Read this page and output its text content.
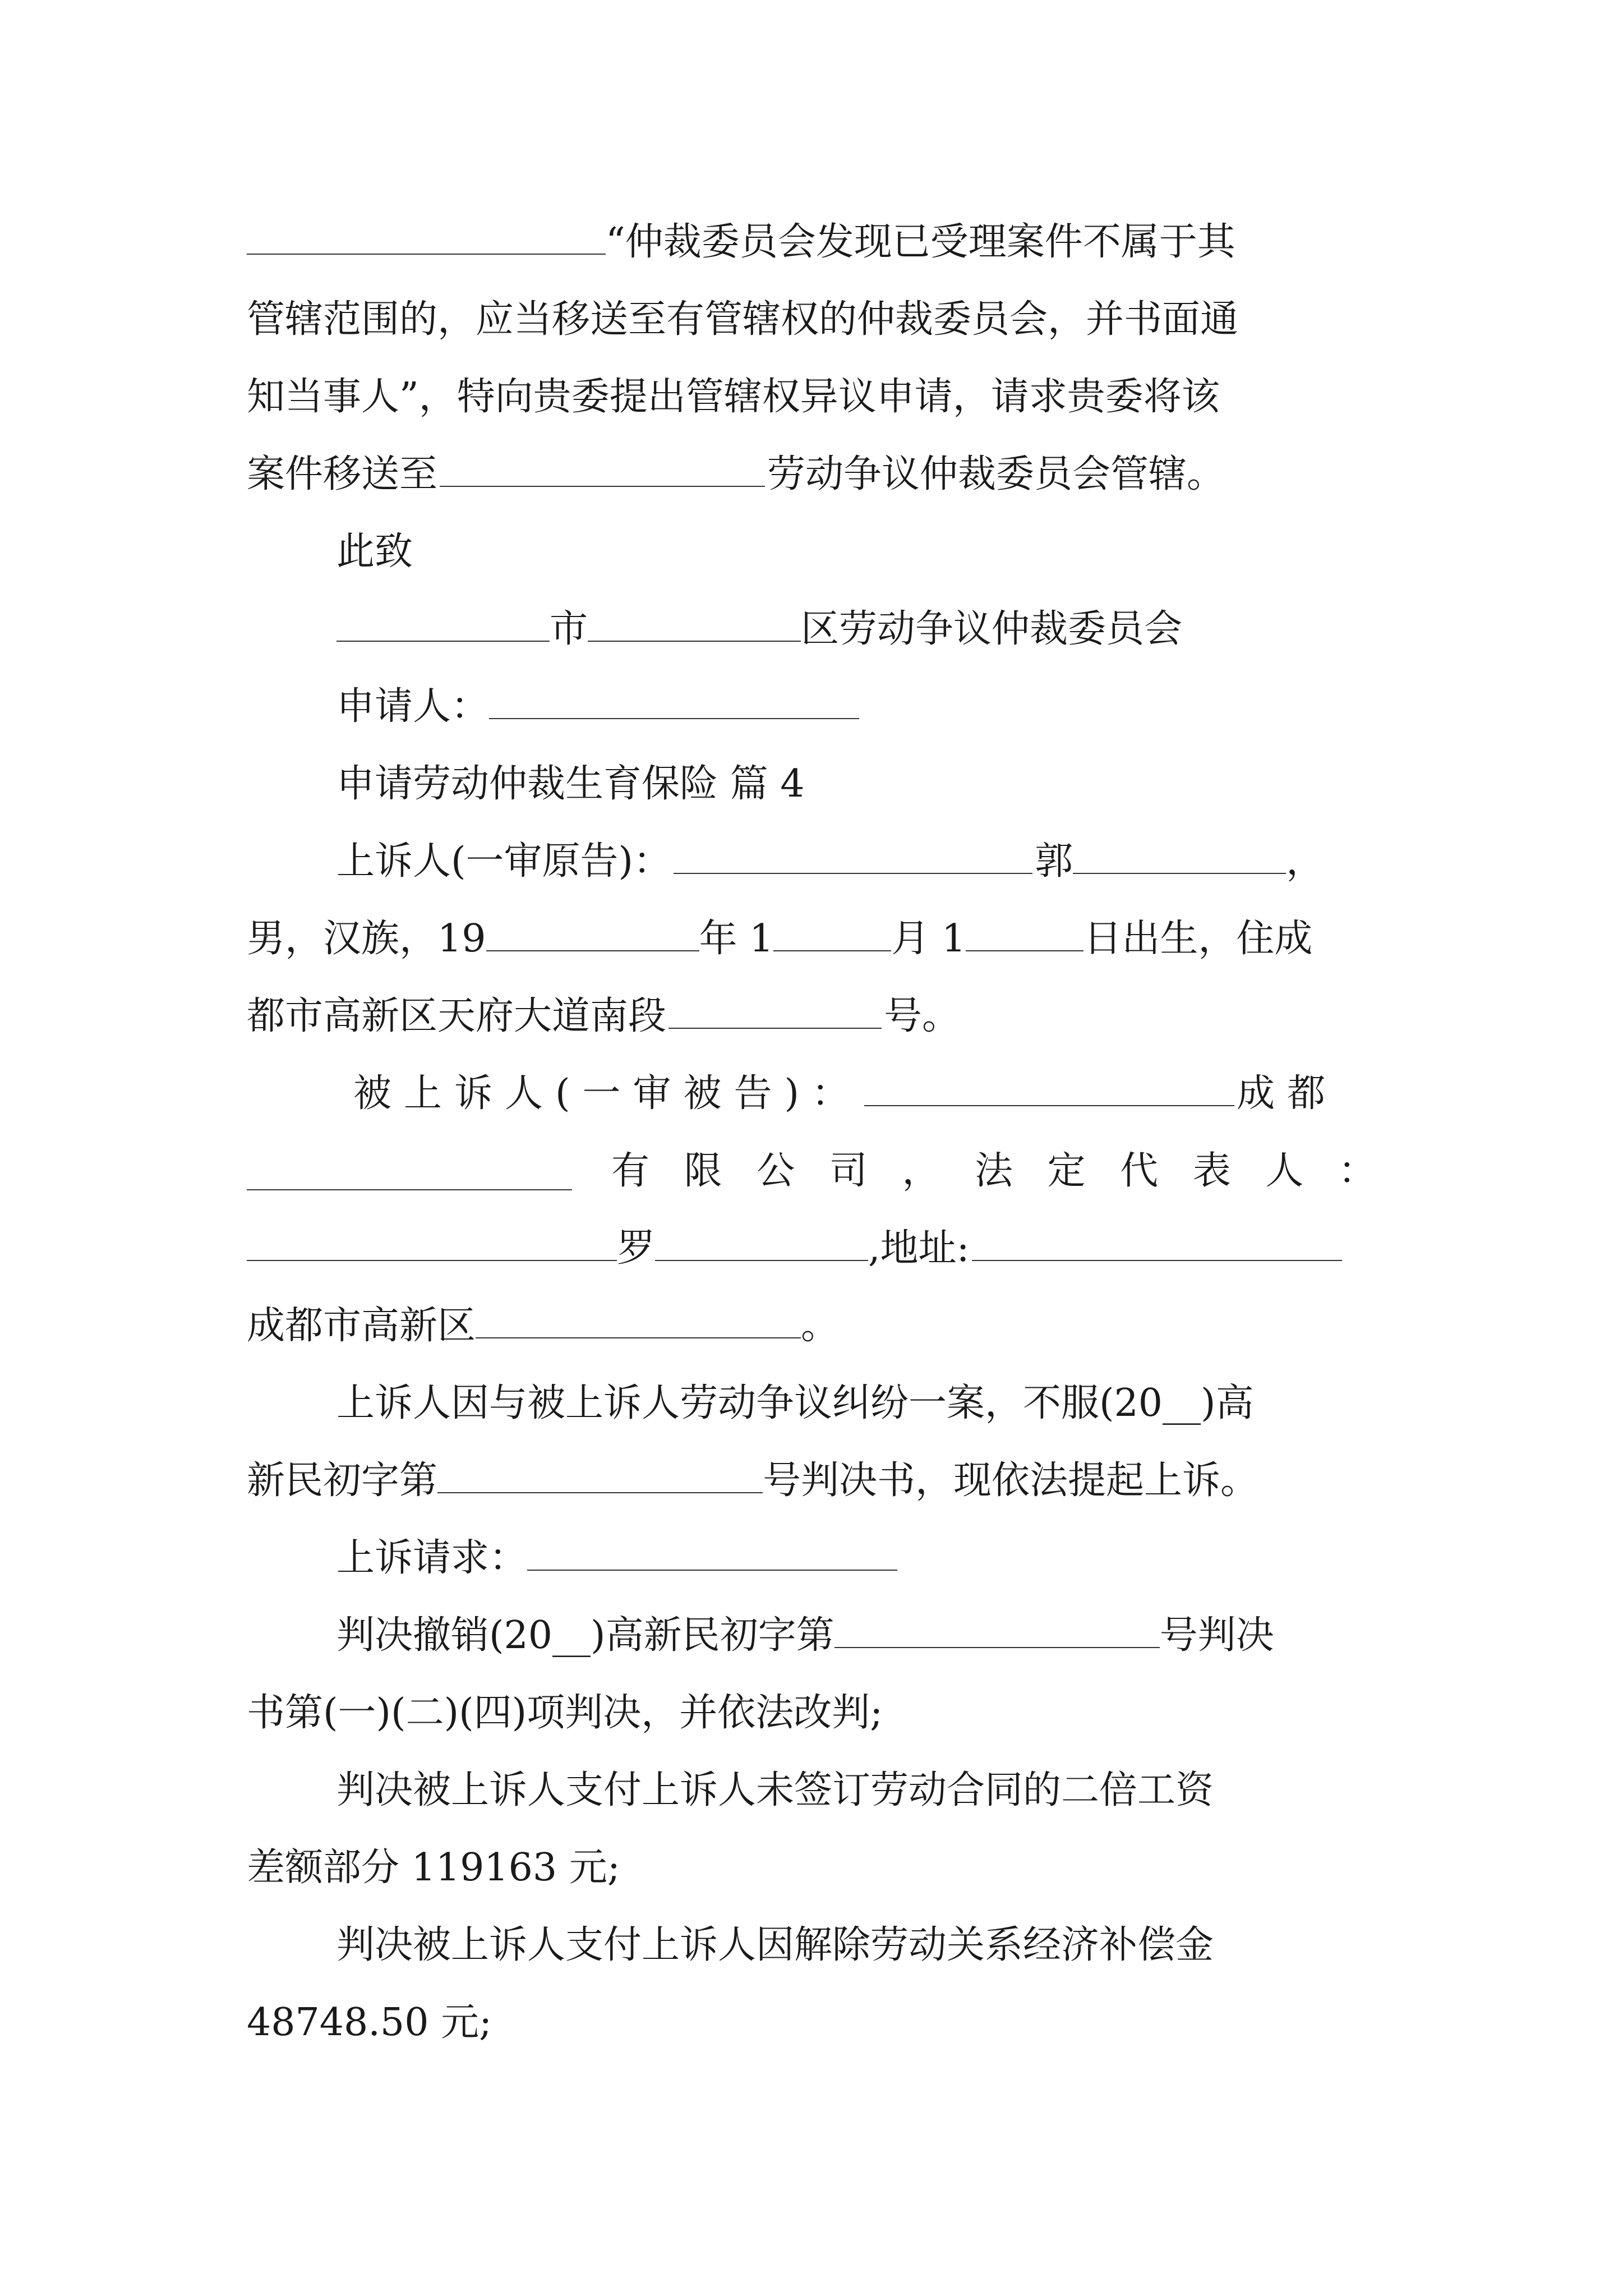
“仲裁委员会发现已受理案件不属于其
管辖范围的，应当移送至有管辖权的仲裁委员会，并书面通
知当事人”，特向贵委提出管辖权异议申请，请求贵委将该
案件移送至	劳动争议仲裁委员会管辖。
此致
市	区劳动争议仲裁委员会
申请人：
申请劳动仲裁生育保险 篇 4
上诉人(一审原告)：	郭	，
男，汉族，19	年 1	月 1	日出生，住成
都市高新区天府大道南段	号。
被上诉人(一审被告)：	成都
有 限 公 司 ， 法 定 代 表 人 ：
罗	,地址:
成都市高新区	。
上诉人因与被上诉人劳动争议纠纷一案，不服(20__)高
新民初字第	号判决书，现依法提起上诉。
上诉请求：
判决撤销(20__)高新民初字第	号判决
书第(一)(二)(四)项判决，并依法改判;
判决被上诉人支付上诉人未签订劳动合同的二倍工资
差额部分 119163 元;
判决被上诉人支付上诉人因解除劳动关系经济补偿金
48748.50 元;
